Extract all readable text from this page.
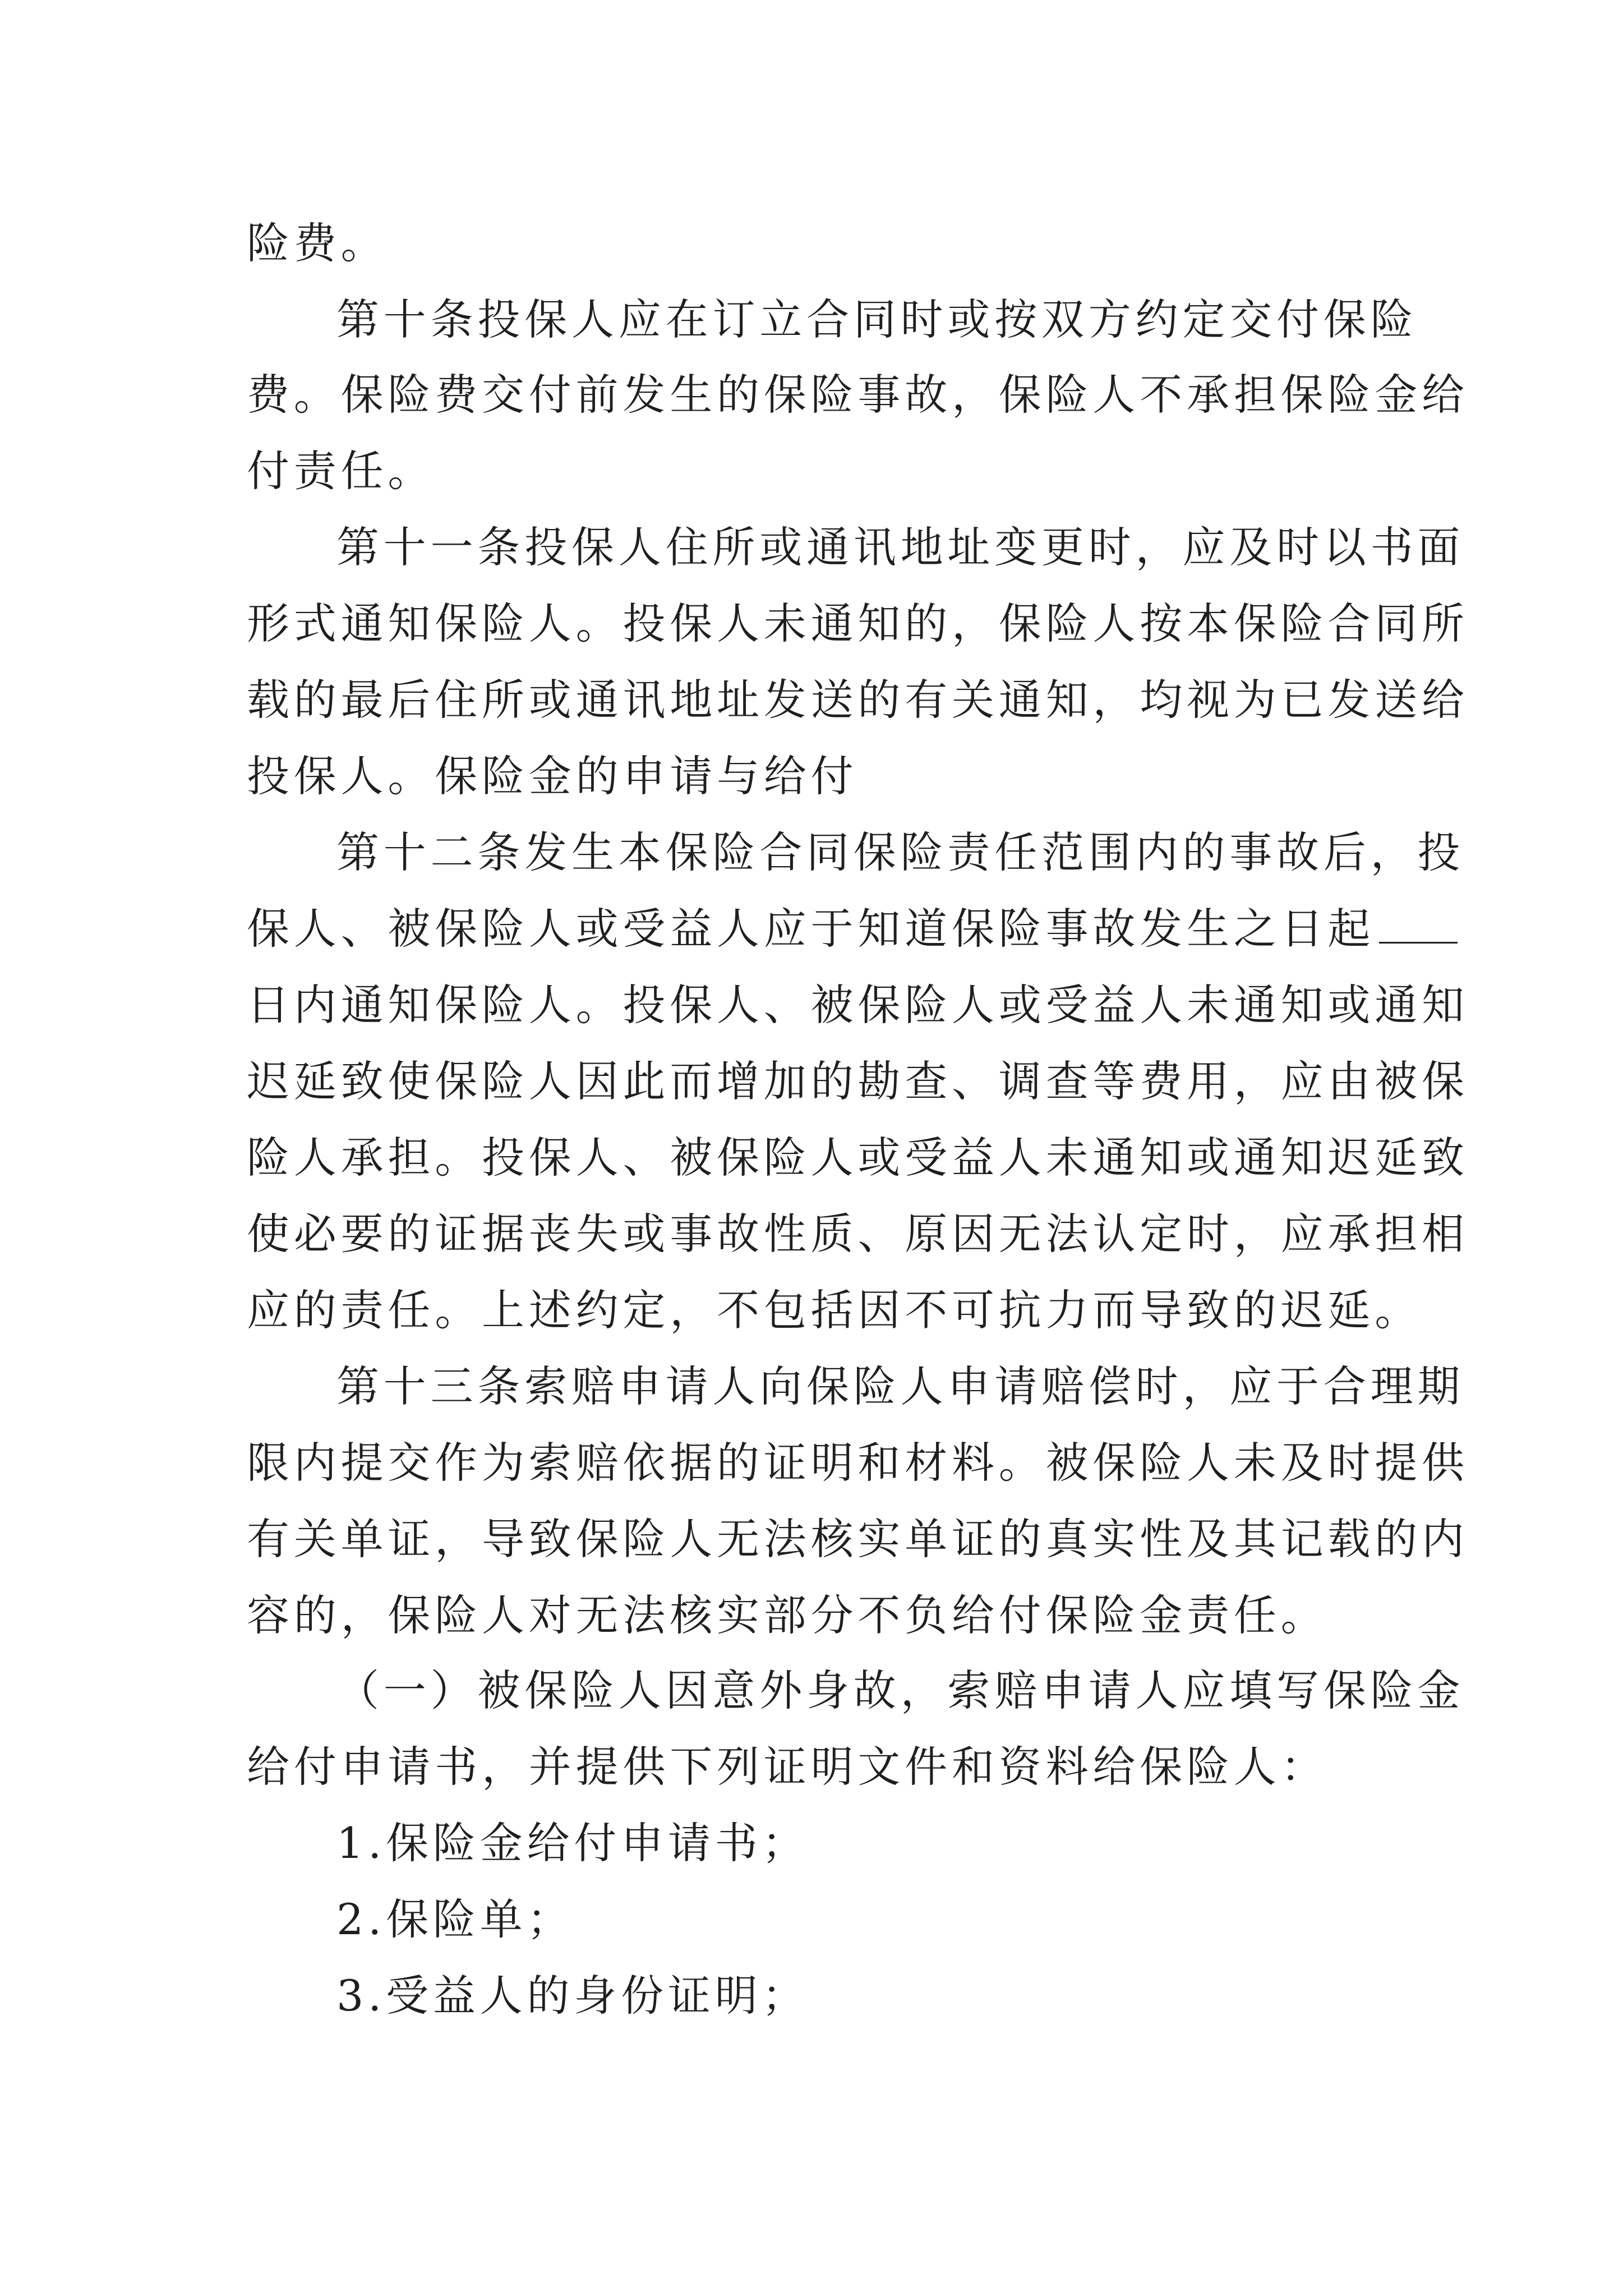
险费。

第十条投保人应在订立合同时或按双方约定交付保险

费。保险费交付前发生的保险事故，保险人不承担保险金给

付责任。

第十一条投保人住所或通讯地址变更时，应及时以书面

形式通知保险人。投保人未通知的，保险人按本保险合同所

载的最后住所或通讯地址发送的有关通知，均视为已发送给

投保人。保险金的申请与给付

第十二条发生本保险合同保险责任范围内的事故后，投

保人、被保险人或受益人应于知道保险事故发生之日起

日内通知保险人。投保人、被保险人或受益人未通知或通知

迟延致使保险人因此而增加的勘查、调查等费用，应由被保

险人承担。投保人、被保险人或受益人未通知或通知迟延致

使必要的证据丧失或事故性质、原因无法认定时，应承担相

应的责任。上述约定，不包括因不可抗力而导致的迟延。

第十三条索赔申请人向保险人申请赔偿时，应于合理期

限内提交作为索赔依据的证明和材料。被保险人未及时提供

有关单证，导致保险人无法核实单证的真实性及其记载的内

容的，保险人对无法核实部分不负给付保险金责任。

（一）被保险人因意外身故，索赔申请人应填写保险金

给付申请书，并提供下列证明文件和资料给保险人：

1.保险金给付申请书；

2.保险单；

3.受益人的身份证明；
